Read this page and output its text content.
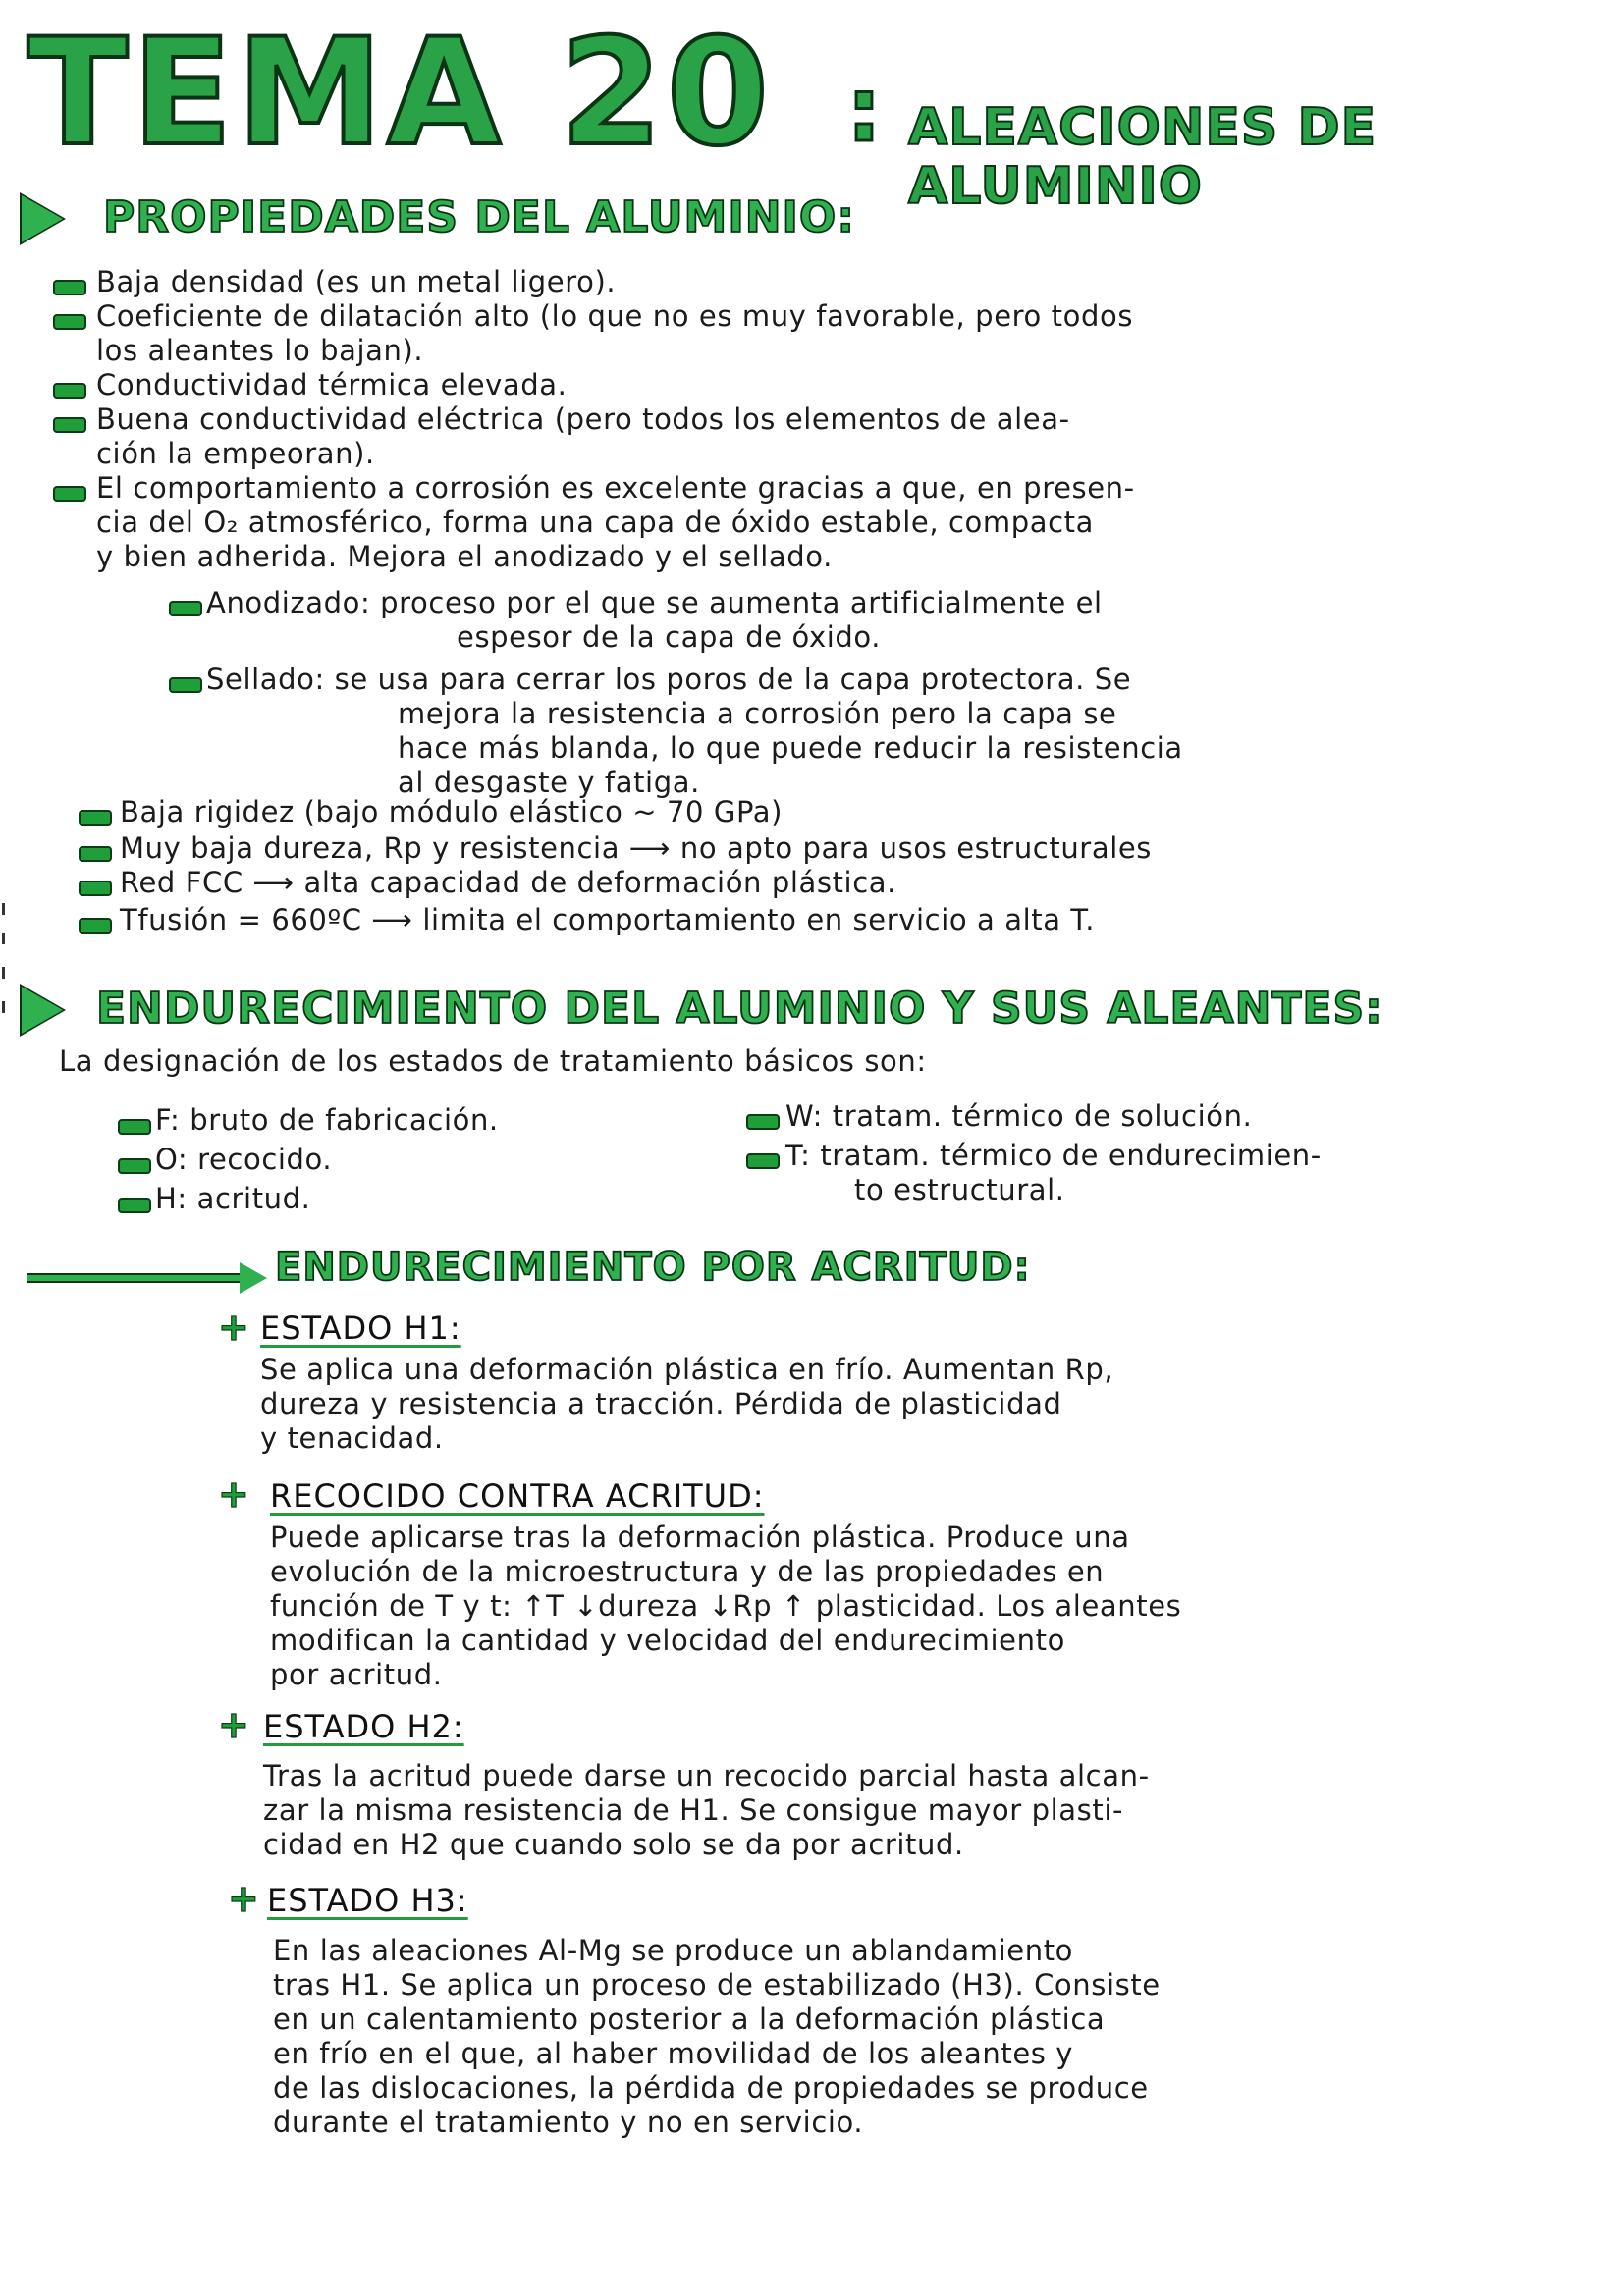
TEMA 20 : ALEACIONES DE ALUMINIO
PROPIEDADES DEL ALUMINIO:
Baja densidad (es un metal ligero).
Coeficiente de dilatación alto (lo que no es muy favorable, pero todos
los aleantes lo bajan).
Conductividad térmica elevada.
Buena conductividad eléctrica (pero todos los elementos de alea-
ción la empeoran).
El comportamiento a corrosión es excelente gracias a que, en presen-
cia del O₂ atmosférico, forma una capa de óxido estable, compacta
y bien adherida. Mejora el anodizado y el sellado.
Anodizado: proceso por el que se aumenta artificialmente el
espesor de la capa de óxido.
Sellado: se usa para cerrar los poros de la capa protectora. Se
mejora la resistencia a corrosión pero la capa se
hace más blanda, lo que puede reducir la resistencia
al desgaste y fatiga.
Baja rigidez (bajo módulo elástico ~ 70 GPa)
Muy baja dureza, Rp y resistencia ⟶ no apto para usos estructurales
Red FCC ⟶ alta capacidad de deformación plástica.
Tfusión = 660ºC ⟶ limita el comportamiento en servicio a alta T.
ENDURECIMIENTO DEL ALUMINIO Y SUS ALEANTES:
La designación de los estados de tratamiento básicos son:
F: bruto de fabricación.
O: recocido.
H: acritud.
W: tratam. térmico de solución.
T: tratam. térmico de endurecimien-
to estructural.
ENDURECIMIENTO POR ACRITUD:
+ ESTADO H1:
Se aplica una deformación plástica en frío. Aumentan Rp,
dureza y resistencia a tracción. Pérdida de plasticidad
y tenacidad.
+ RECOCIDO CONTRA ACRITUD:
Puede aplicarse tras la deformación plástica. Produce una
evolución de la microestructura y de las propiedades en
función de T y t: ↑T ↓dureza ↓Rp ↑ plasticidad. Los aleantes
modifican la cantidad y velocidad del endurecimiento
por acritud.
+ ESTADO H2:
Tras la acritud puede darse un recocido parcial hasta alcan-
zar la misma resistencia de H1. Se consigue mayor plasti-
cidad en H2 que cuando solo se da por acritud.
+ ESTADO H3:
En las aleaciones Al-Mg se produce un ablandamiento
tras H1. Se aplica un proceso de estabilizado (H3). Consiste
en un calentamiento posterior a la deformación plástica
en frío en el que, al haber movilidad de los aleantes y
de las dislocaciones, la pérdida de propiedades se produce
durante el tratamiento y no en servicio.
